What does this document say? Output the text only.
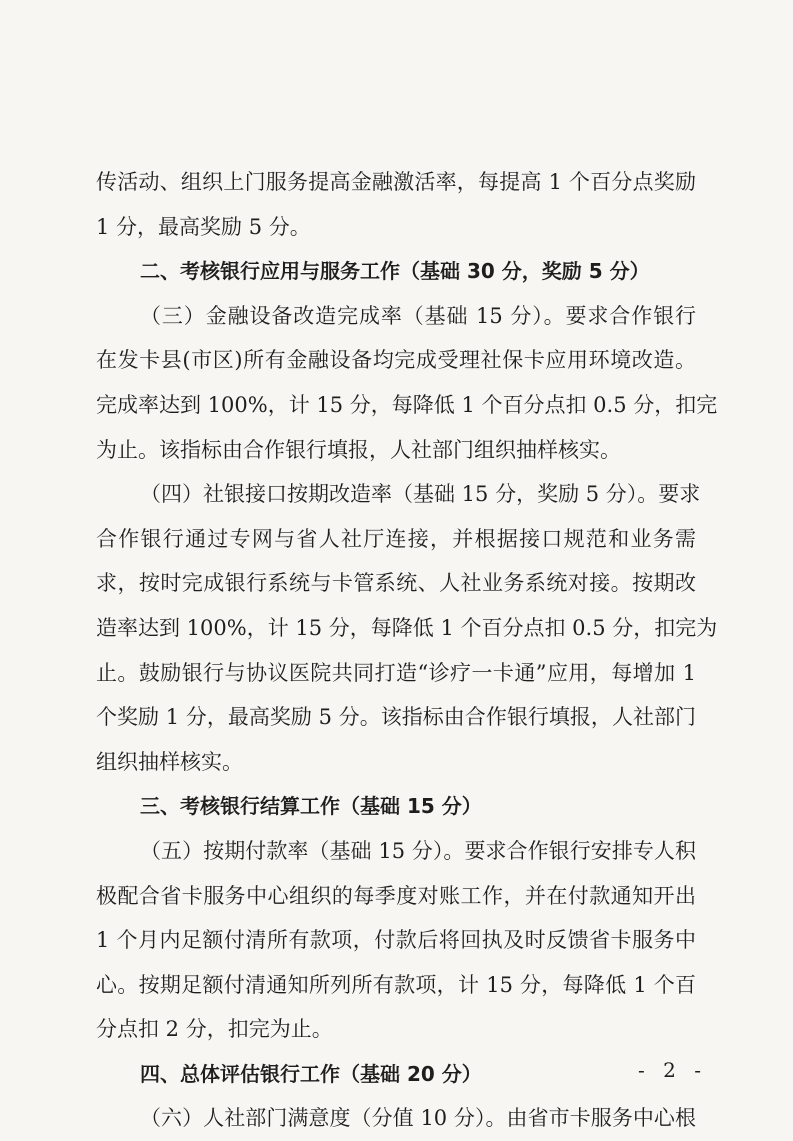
传活动、组织上门服务提高金融激活率，每提高 1 个百分点奖励
1 分，最高奖励 5 分。
二、考核银行应用与服务工作（基础 30 分，奖励 5 分）
（三）金融设备改造完成率（基础 15 分）。要求合作银行
在发卡县(市区)所有金融设备均完成受理社保卡应用环境改造。
完成率达到 100%，计 15 分，每降低 1 个百分点扣 0.5 分，扣完
为止。该指标由合作银行填报，人社部门组织抽样核实。
（四）社银接口按期改造率（基础 15 分，奖励 5 分）。要求
合作银行通过专网与省人社厅连接，并根据接口规范和业务需
求，按时完成银行系统与卡管系统、人社业务系统对接。按期改
造率达到 100%，计 15 分，每降低 1 个百分点扣 0.5 分，扣完为
止。鼓励银行与协议医院共同打造“诊疗一卡通”应用，每增加 1
个奖励 1 分，最高奖励 5 分。该指标由合作银行填报，人社部门
组织抽样核实。
三、考核银行结算工作（基础 15 分）
（五）按期付款率（基础 15 分）。要求合作银行安排专人积
极配合省卡服务中心组织的每季度对账工作，并在付款通知开出
1 个月内足额付清所有款项，付款后将回执及时反馈省卡服务中
心。按期足额付清通知所列所有款项，计 15 分，每降低 1 个百
分点扣 2 分，扣完为止。
四、总体评估银行工作（基础 20 分）
（六）人社部门满意度（分值 10 分）。由省市卡服务中心根
- 2 -
